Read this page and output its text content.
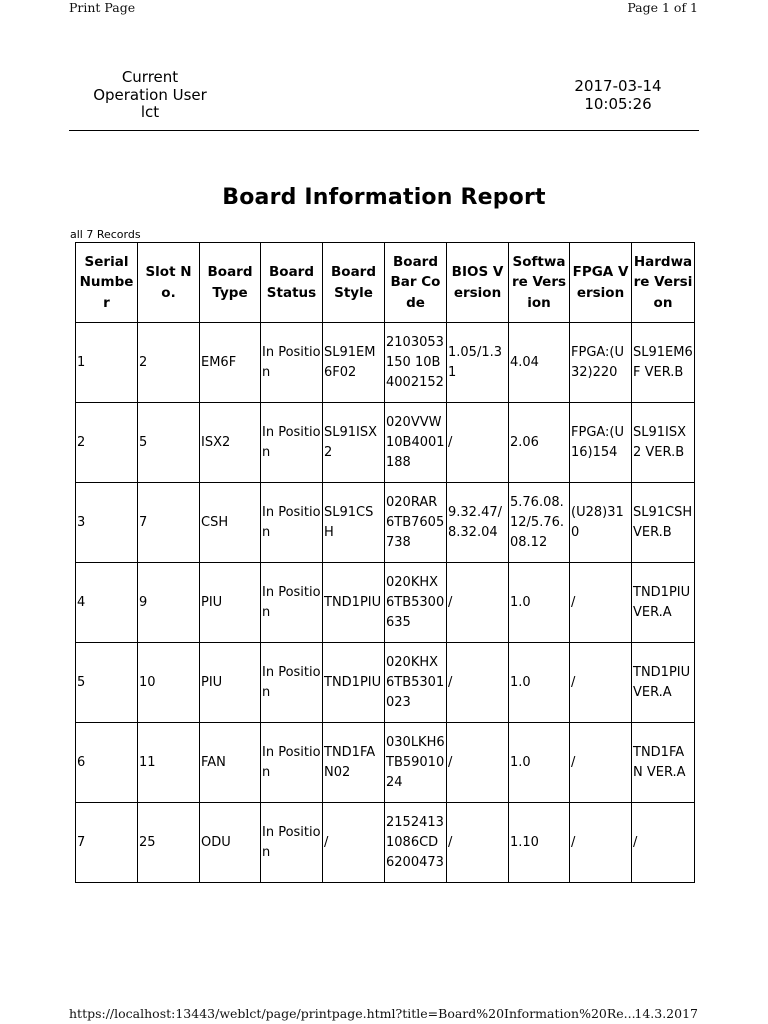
Print Page	Page 1 of 1
Current
Operation User
lct
2017-03-14
10:05:26
Board Information Report
all 7 Records
Serial Number	Slot No.	Board Type	Board Status	Board Style	Board Bar Code	BIOS Version	Software Version	FPGA Version	Hardware Version
1	2	EM6F	In Position	SL91EM6F02	2103053150 10B4002152	1.05/1.31	4.04	FPGA:(U32)220	SL91EM6F VER.B
2	5	ISX2	In Position	SL91ISX2	020VVW10B4001188	/	2.06	FPGA:(U16)154	SL91ISX2 VER.B
3	7	CSH	In Position	SL91CSH	020RAR6TB7605738	9.32.47/8.32.04	5.76.08.12/5.76.08.12	(U28)310	SL91CSH VER.B
4	9	PIU	In Position	TND1PIU	020KHX6TB5300635	/	1.0	/	TND1PIU VER.A
5	10	PIU	In Position	TND1PIU	020KHX6TB5301023	/	1.0	/	TND1PIU VER.A
6	11	FAN	In Position	TND1FAN02	030LKH6TB5901024	/	1.0	/	TND1FAN VER.A
7	25	ODU	In Position	/	21524131086CD6200473	/	1.10	/	/
https://localhost:13443/weblct/page/printpage.html?title=Board%20Information%20Re...
14.3.2017
